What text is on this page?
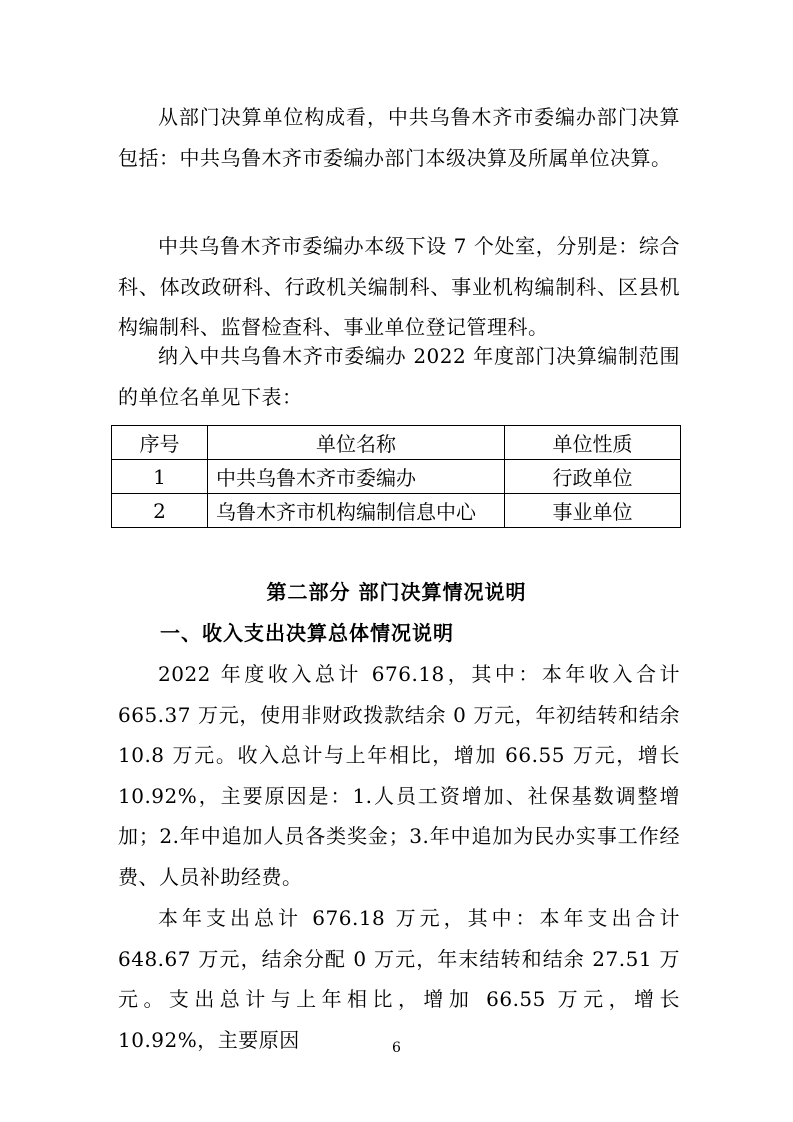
从部门决算单位构成看，中共乌鲁木齐市委编办部门决算包括：中共乌鲁木齐市委编办部门本级决算及所属单位决算。

中共乌鲁木齐市委编办本级下设 7 个处室，分别是：综合科、体改政研科、行政机关编制科、事业机构编制科、区县机构编制科、监督检查科、事业单位登记管理科。

纳入中共乌鲁木齐市委编办 2022 年度部门决算编制范围的单位名单见下表：

序号	单位名称	单位性质
1	中共乌鲁木齐市委编办	行政单位
2	乌鲁木齐市机构编制信息中心	事业单位
第二部分 部门决算情况说明
一、收入支出决算总体情况说明

2022 年度收入总计 676.18，其中：本年收入合计 665.37 万元，使用非财政拨款结余 0 万元，年初结转和结余 10.8 万元。收入总计与上年相比，增加 66.55 万元，增长 10.92%，主要原因是：1.人员工资增加、社保基数调整增加；2.年中追加人员各类奖金；3.年中追加为民办实事工作经费、人员补助经费。

本年支出总计 676.18 万元，其中：本年支出合计 648.67 万元，结余分配 0 万元，年末结转和结余 27.51 万元。支出总计与上年相比，增加 66.55 万元，增长 10.92%，主要原因	6
